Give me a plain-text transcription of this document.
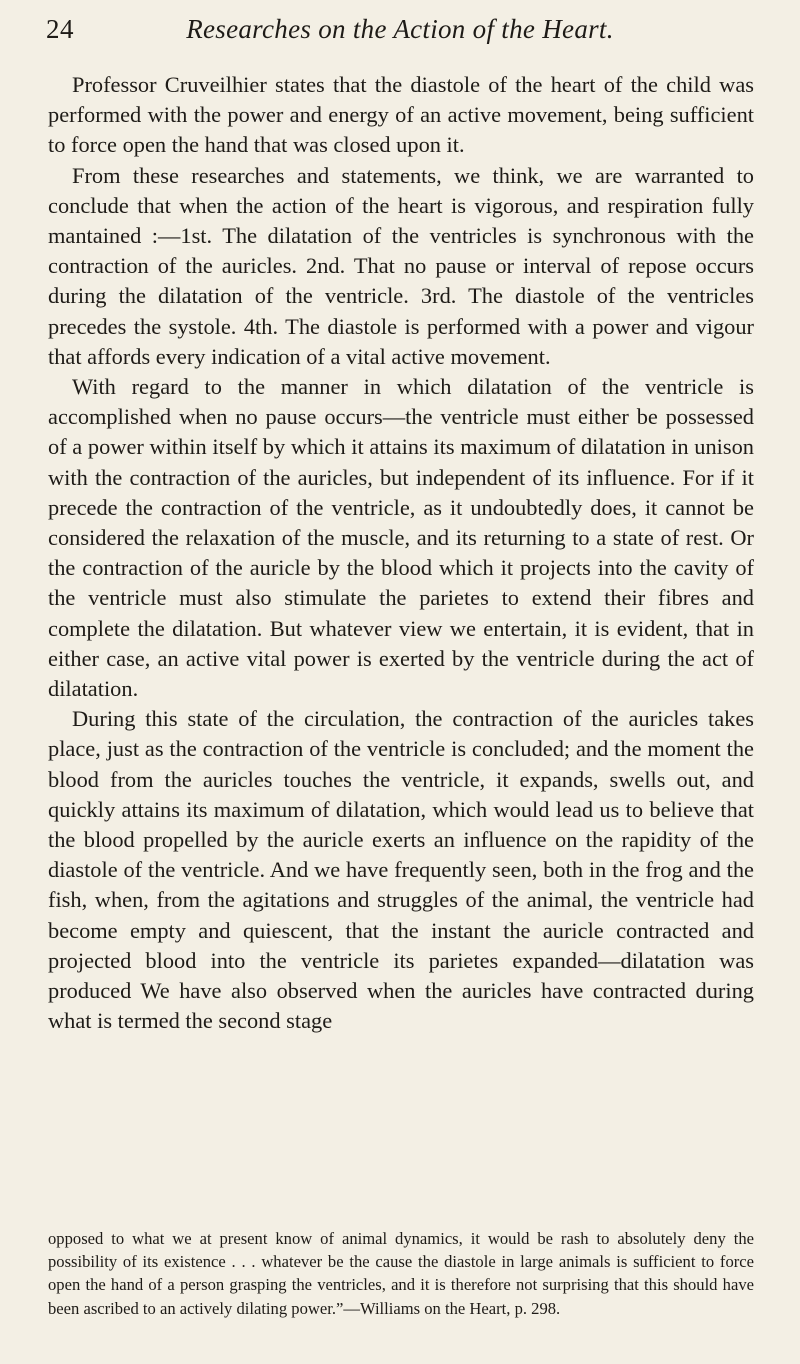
24	Researches on the Action of the Heart.

Professor Cruveilhier states that the diastole of the heart of the child was performed with the power and energy of an active movement, being sufficient to force open the hand that was closed upon it.

From these researches and statements, we think, we are warranted to conclude that when the action of the heart is vigorous, and respiration fully mantained :—1st. The dilatation of the ventricles is synchronous with the contraction of the auricles. 2nd. That no pause or interval of repose occurs during the dilatation of the ventricle. 3rd. The diastole of the ventricles precedes the systole. 4th. The diastole is performed with a power and vigour that affords every indication of a vital active movement.

With regard to the manner in which dilatation of the ventricle is accomplished when no pause occurs—the ventricle must either be possessed of a power within itself by which it attains its maximum of dilatation in unison with the contraction of the auricles, but independent of its influence. For if it precede the contraction of the ventricle, as it undoubtedly does, it cannot be considered the relaxation of the muscle, and its returning to a state of rest. Or the contraction of the auricle by the blood which it projects into the cavity of the ventricle must also stimulate the parietes to extend their fibres and complete the dilatation. But whatever view we entertain, it is evident, that in either case, an active vital power is exerted by the ventricle during the act of dilatation.

During this state of the circulation, the contraction of the auricles takes place, just as the contraction of the ventricle is concluded; and the moment the blood from the auricles touches the ventricle, it expands, swells out, and quickly attains its maximum of dilatation, which would lead us to believe that the blood propelled by the auricle exerts an influence on the rapidity of the diastole of the ventricle. And we have frequently seen, both in the frog and the fish, when, from the agitations and struggles of the animal, the ventricle had become empty and quiescent, that the instant the auricle contracted and projected blood into the ventricle its parietes expanded—dilatation was produced We have also observed when the auricles have contracted during what is termed the second stage

opposed to what we at present know of animal dynamics, it would be rash to absolutely deny the possibility of its existence . . . whatever be the cause the diastole in large animals is sufficient to force open the hand of a person grasping the ventricles, and it is therefore not surprising that this should have been ascribed to an actively dilating power.”—Williams on the Heart, p. 298.
